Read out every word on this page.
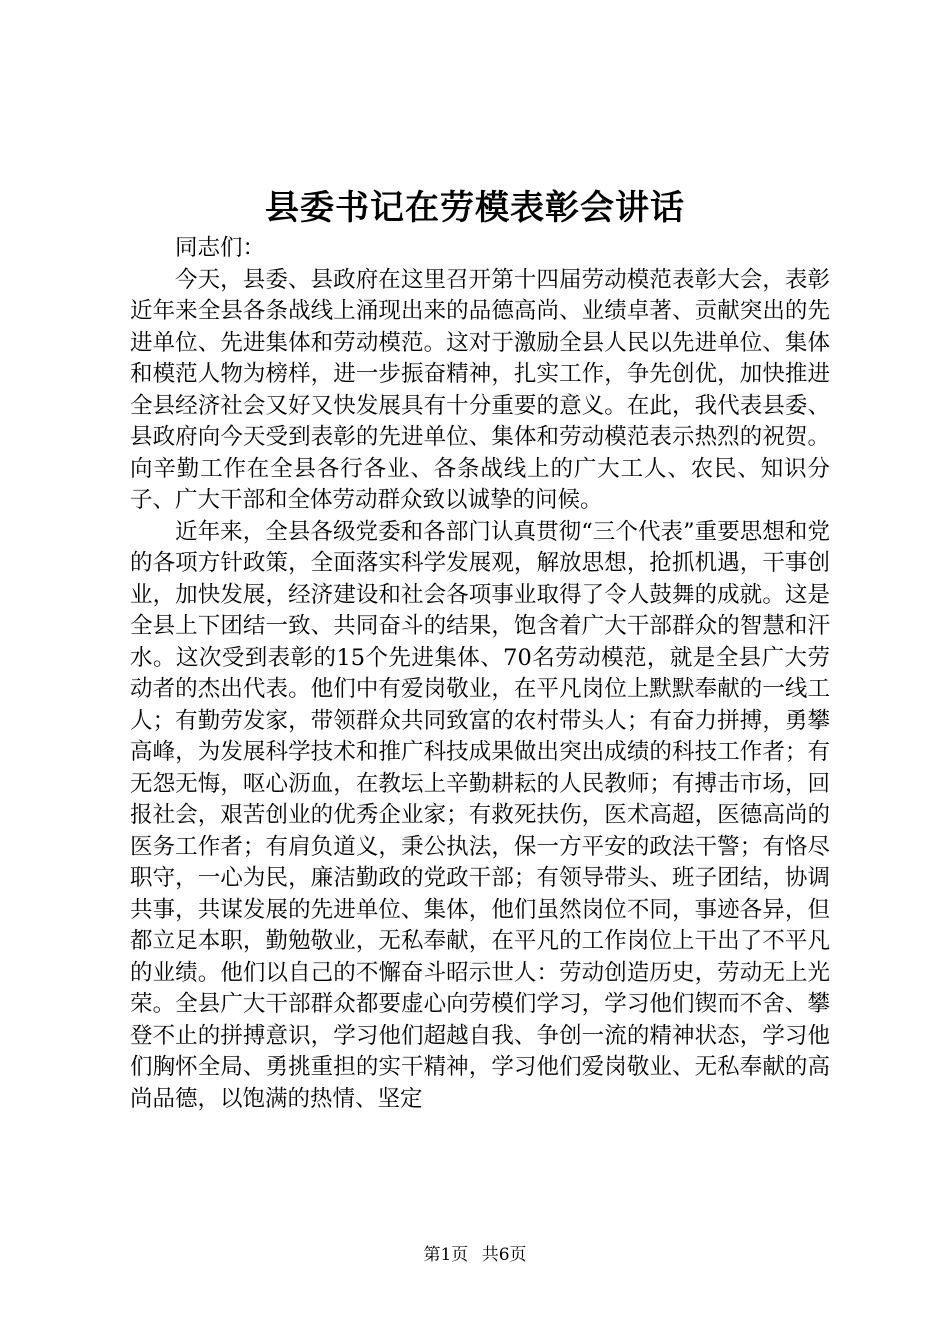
县委书记在劳模表彰会讲话

同志们：

今天，县委、县政府在这里召开第十四届劳动模范表彰大会，表彰近年来全县各条战线上涌现出来的品德高尚、业绩卓著、贡献突出的先进单位、先进集体和劳动模范。这对于激励全县人民以先进单位、集体和模范人物为榜样，进一步振奋精神，扎实工作，争先创优，加快推进全县经济社会又好又快发展具有十分重要的意义。在此，我代表县委、县政府向今天受到表彰的先进单位、集体和劳动模范表示热烈的祝贺。向辛勤工作在全县各行各业、各条战线上的广大工人、农民、知识分子、广大干部和全体劳动群众致以诚挚的问候。

近年来，全县各级党委和各部门认真贯彻“三个代表”重要思想和党的各项方针政策，全面落实科学发展观，解放思想，抢抓机遇，干事创业，加快发展，经济建设和社会各项事业取得了令人鼓舞的成就。这是全县上下团结一致、共同奋斗的结果，饱含着广大干部群众的智慧和汗水。这次受到表彰的15个先进集体、70名劳动模范，就是全县广大劳动者的杰出代表。他们中有爱岗敬业，在平凡岗位上默默奉献的一线工人；有勤劳发家，带领群众共同致富的农村带头人；有奋力拼搏，勇攀高峰，为发展科学技术和推广科技成果做出突出成绩的科技工作者；有无怨无悔，呕心沥血，在教坛上辛勤耕耘的人民教师；有搏击市场，回报社会，艰苦创业的优秀企业家；有救死扶伤，医术高超，医德高尚的医务工作者；有肩负道义，秉公执法，保一方平安的政法干警；有恪尽职守，一心为民，廉洁勤政的党政干部；有领导带头、班子团结，协调共事，共谋发展的先进单位、集体，他们虽然岗位不同，事迹各异，但都立足本职，勤勉敬业，无私奉献，在平凡的工作岗位上干出了不平凡的业绩。他们以自己的不懈奋斗昭示世人：劳动创造历史，劳动无上光荣。全县广大干部群众都要虚心向劳模们学习，学习他们锲而不舍、攀登不止的拼搏意识，学习他们超越自我、争创一流的精神状态，学习他们胸怀全局、勇挑重担的实干精神，学习他们爱岗敬业、无私奉献的高尚品德，以饱满的热情、坚定

第1页 共6页
